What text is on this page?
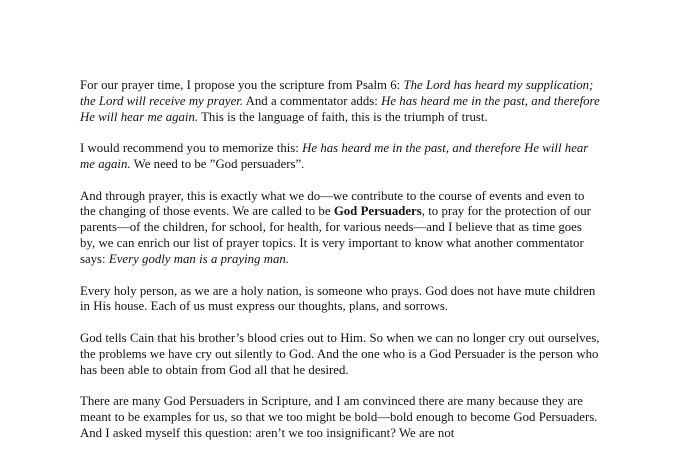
For our prayer time, I propose you the scripture from Psalm 6: The Lord has heard my supplication; the Lord will receive my prayer. And a commentator adds: He has heard me in the past, and therefore He will hear me again. This is the language of faith, this is the triumph of trust.

I would recommend you to memorize this: He has heard me in the past, and therefore He will hear me again. We need to be ”God persuaders”.

And through prayer, this is exactly what we do—we contribute to the course of events and even to the changing of those events. We are called to be God Persuaders, to pray for the protection of our parents—of the children, for school, for health, for various needs—and I believe that as time goes by, we can enrich our list of prayer topics. It is very important to know what another commentator says: Every godly man is a praying man.

Every holy person, as we are a holy nation, is someone who prays. God does not have mute children in His house. Each of us must express our thoughts, plans, and sorrows.

God tells Cain that his brother’s blood cries out to Him. So when we can no longer cry out ourselves, the problems we have cry out silently to God. And the one who is a God Persuader is the person who has been able to obtain from God all that he desired.

There are many God Persuaders in Scripture, and I am convinced there are many because they are meant to be examples for us, so that we too might be bold—bold enough to become God Persuaders. And I asked myself this question: aren’t we too insignificant? We are not
